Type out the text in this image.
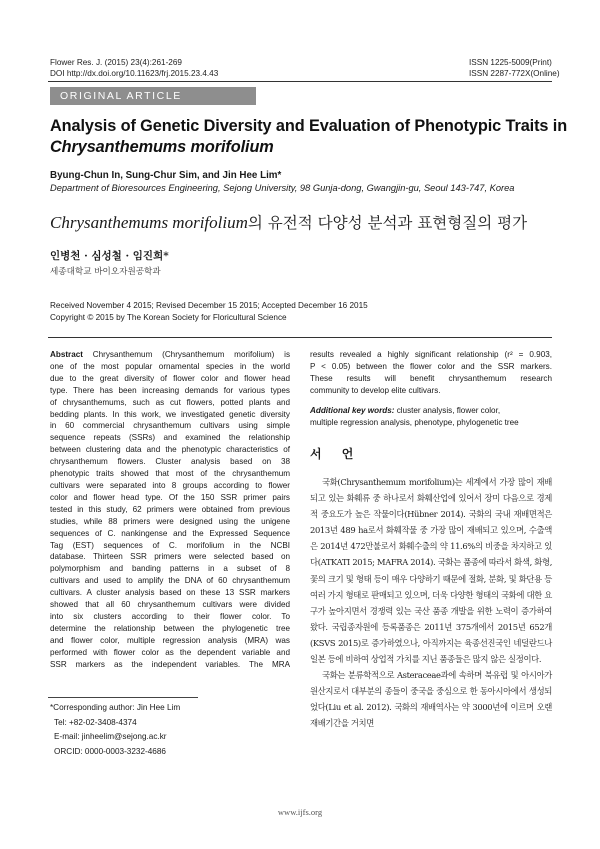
Flower Res. J. (2015) 23(4):261-269
DOI http://dx.doi.org/10.11623/frj.2015.23.4.43
ISSN 1225-5009(Print)
ISSN 2287-772X(Online)
ORIGINAL ARTICLE
Analysis of Genetic Diversity and Evaluation of Phenotypic Traits in
Chrysanthemums morifolium
Byung-Chun In, Sung-Chur Sim, and Jin Hee Lim*
Department of Bioresources Engineering, Sejong University, 98 Gunja-dong, Gwangjin-gu, Seoul 143-747, Korea
Chrysanthemums morifolium의 유전적 다양성 분석과 표현형질의 평가
인병천 · 심성철 · 임진희*
세종대학교 바이오자원공학과
Received November 4 2015; Revised December 15 2015; Accepted December 16 2015
Copyright © 2015 by The Korean Society for Floricultural Science
Abstract Chrysanthemum (Chrysanthemum morifolium) is
one of the most popular ornamental species in the world
due to the great diversity of flower color and flower head
type. There has been increasing demands for various types
of chrysanthemums, such as cut flowers, potted plants and
bedding plants. In this work, we investigated genetic diversity
in 60 commercial chrysanthemum cultivars using simple
sequence repeats (SSRs) and examined the relationship
between clustering data and the phenotypic characteristics of
chrysanthemum flowers. Cluster analysis based on 38
phenotypic traits showed that most of the chrysanthemum
cultivars were separated into 8 groups according to flower
color and flower head type. Of the 150 SSR primer pairs
tested in this study, 62 primers were obtained from previous
studies, while 88 primers were designed using the unigene
sequences of C. nankingense and the Expressed Sequence
Tag (EST) sequences of C. morifolium in the NCBI
database. Thirteen SSR primers were selected based on
polymorphism and banding patterns in a subset of 8
cultivars and used to amplify the DNA of 60 chrysanthemum
cultivars. A cluster analysis based on these 13 SSR markers
showed that all 60 chrysanthemum cultivars were divided
into six clusters according to their flower color. To
determine the relationship between the phylogenetic tree
and flower color, multiple regression analysis (MRA) was
performed with flower color as the dependent variable and
SSR markers as the independent variables. The MRA
results revealed a highly significant relationship (r² = 0.903,
P < 0.05) between the flower color and the SSR markers.
These results will benefit chrysanthemum research
community to develop elite cultivars.
Additional key words: cluster analysis, flower color,
multiple regression analysis, phenotype, phylogenetic tree
서 언

국화(Chrysanthemum morifolium)는 세계에서 가장 많이 재배되고 있는 화훼류 중 하나로서 화훼산업에 있어서 장미 다음으로 경제적 중요도가 높은 작물이다(Hübner 2014). 국화의 국내 재배면적은 2013년 489 ha로서 화훼작물 중 가장 많이 재배되고 있으며, 수출액은 2014년 472만불로서 화훼수출의 약 11.6%의 비중을 차지하고 있다(ATKATI 2015; MAFRA 2014). 국화는 품종에 따라서 화색, 화형, 꽃의 크기 및 형태 등이 매우 다양하기 때문에 절화, 분화, 및 화단용 등 여러 가지 형태로 판매되고 있으며, 더욱 다양한 형태의 국화에 대한 요구가 높아지면서 경쟁력 있는 국산 품종 개발을 위한 노력이 증가하여 왔다. 국립종자원에 등록품종은 2011년 375개에서 2015년 652개(KSVS 2015)로 증가하였으나, 아직까지는 육종선진국인 네덜란드나 일본 등에 비하여 상업적 가치를 지닌 품종들은 많지 않은 실정이다.

국화는 분류학적으로 Asteraceae과에 속하며 북유럽 및 아시아가 원산지로서 대부분의 종들이 중국을 중심으로 한 동아시아에서 생성되었다(Liu et al. 2012). 국화의 재배역사는 약 3000년에 이르며 오랜 재배기간을 거치면

*Corresponding author: Jin Hee Lim
Tel: +82-02-3408-4374
E-mail: jinheelim@sejong.ac.kr
ORCID: 0000-0003-3232-4686
www.ijfs.org
